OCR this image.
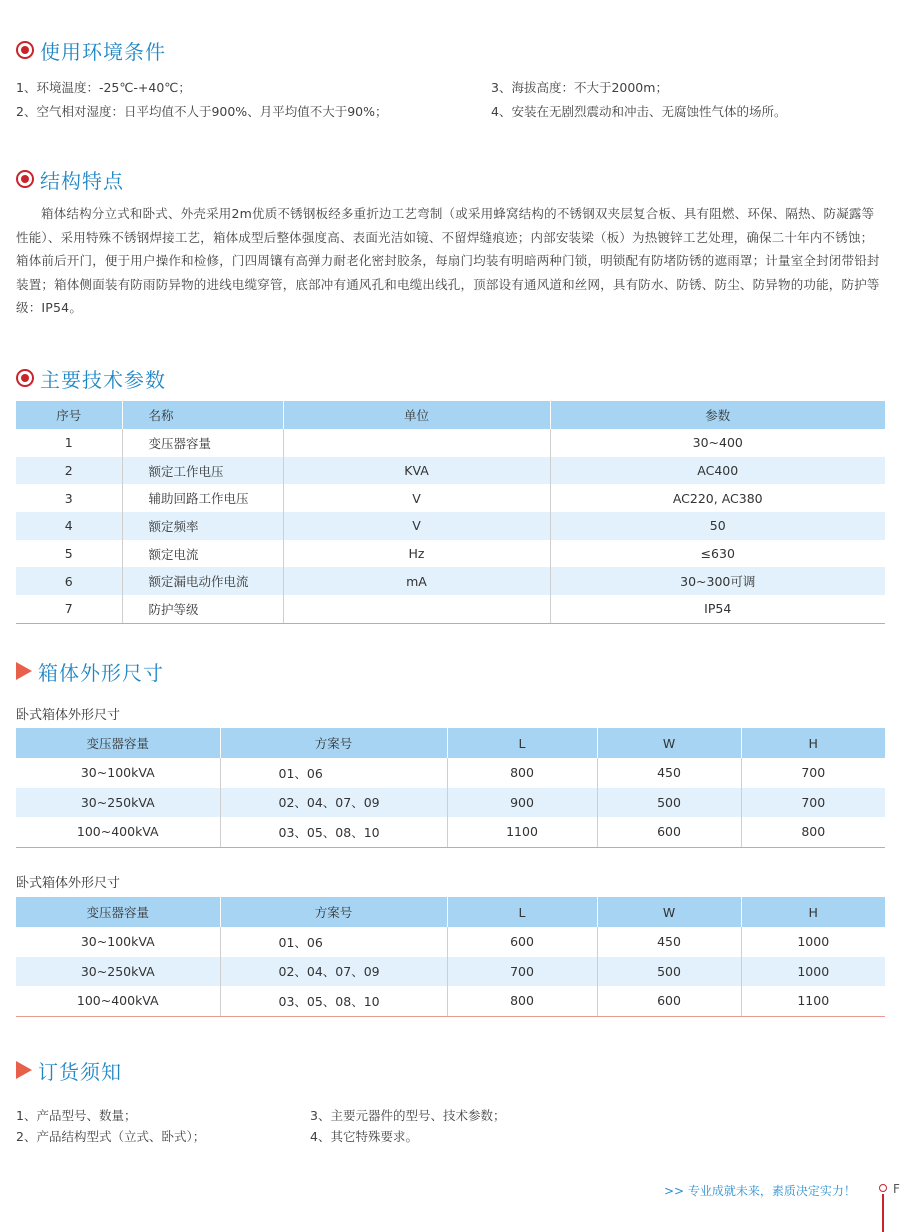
使用环境条件
1、环境温度：-25℃-+40℃；
2、空气相对湿度：日平均值不人于900%、月平均值不大于90%；
3、海拔高度：不大于2000m；
4、安装在无剧烈震动和冲击、无腐蚀性气体的场所。
结构特点
箱体结构分立式和卧式、外壳采用2m优质不锈钢板经多重折边工艺弯制（或采用蜂窝结构的不锈钢双夹层复合板、具有阻燃、环保、隔热、防凝露等性能）、采用特殊不锈钢焊接工艺，箱体成型后整体强度高、表面光洁如镜、不留焊缝痕迹；内部安装梁（板）为热镀锌工艺处理，确保二十年内不锈蚀；箱体前后开门，便于用户操作和检修，门四周镶有高弹力耐老化密封胶条，每扇门均装有明暗两种门锁，明锁配有防堵防锈的遮雨罩；计量室全封闭带铅封装置；箱体侧面装有防雨防异物的进线电缆穿管，底部冲有通风孔和电缆出线孔，顶部设有通风道和丝网，具有防水、防锈、防尘、防异物的功能，防护等级：IP54。
主要技术参数
序号	名称	单位	参数
1	变压器容量		30~400
2	额定工作电压	KVA	AC400
3	辅助回路工作电压	V	AC220, AC380
4	额定频率	V	50
5	额定电流	Hz	≤630
6	额定漏电动作电流	mA	30~300可调
7	防护等级		IP54
箱体外形尺寸
卧式箱体外形尺寸
变压器容量	方案号	L	W	H
30~100kVA	01、06	800	450	700
30~250kVA	02、04、07、09	900	500	700
100~400kVA	03、05、08、10	1100	600	800
卧式箱体外形尺寸
变压器容量	方案号	L	W	H
30~100kVA	01、06	600	450	1000
30~250kVA	02、04、07、09	700	500	1000
100~400kVA	03、05、08、10	800	600	1100
订货须知
1、产品型号、数量；
2、产品结构型式（立式、卧式）；
3、主要元器件的型号、技术参数；
4、其它特殊要求。
>> 专业成就未来，素质决定实力！	F
